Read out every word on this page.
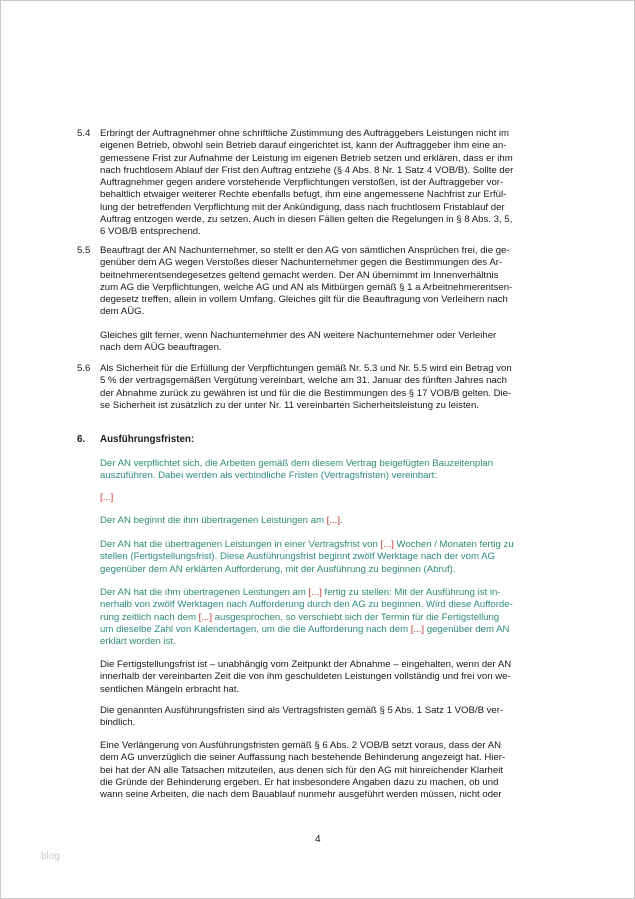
5.4 Erbringt der Auftragnehmer ohne schriftliche Zustimmung des Auftraggebers Leistungen nicht im
eigenen Betrieb, obwohl sein Betrieb darauf eingerichtet ist, kann der Auftraggeber ihm eine an-
gemessene Frist zur Aufnahme der Leistung im eigenen Betrieb setzen und erklären, dass er ihm
nach fruchtlosem Ablauf der Frist den Auftrag entziehe (§ 4 Abs. 8 Nr. 1 Satz 4 VOB/B). Sollte der
Auftragnehmer gegen andere vorstehende Verpflichtungen verstoßen, ist der Auftraggeber vor-
behaltlich etwaiger weiterer Rechte ebenfalls befugt, ihm eine angemessene Nachfrist zur Erfül-
lung der betreffenden Verpflichtung mit der Ankündigung, dass nach fruchtlosem Fristablauf der
Auftrag entzogen werde, zu setzen. Auch in diesen Fällen gelten die Regelungen in § 8 Abs. 3, 5,
6 VOB/B entsprechend.
5.5 Beauftragt der AN Nachunternehmer, so stellt er den AG von sämtlichen Ansprüchen frei, die ge-
genüber dem AG wegen Verstoßes dieser Nachunternehmer gegen die Bestimmungen des Ar-
beitnehmerentsendegesetzes geltend gemacht werden. Der AN übernimmt im Innenverhältnis
zum AG die Verpflichtungen, welche AG und AN als Mitbürgen gemäß § 1 a Arbeitnehmerentsen-
degesetz treffen, allein in vollem Umfang. Gleiches gilt für die Beauftragung von Verleihern nach
dem AÜG.
Gleiches gilt ferner, wenn Nachunternehmer des AN weitere Nachunternehmer oder Verleiher
nach dem AÜG beauftragen.
5.6 Als Sicherheit für die Erfüllung der Verpflichtungen gemäß Nr. 5.3 und Nr. 5.5 wird ein Betrag von
5 % der vertragsgemäßen Vergütung vereinbart, welche am 31. Januar des fünften Jahres nach
der Abnahme zurück zu gewähren ist und für die die Bestimmungen des § 17 VOB/B gelten. Die-
se Sicherheit ist zusätzlich zu der unter Nr. 11 vereinbarten Sicherheitsleistung zu leisten.
6. Ausführungsfristen:
Der AN verpflichtet sich, die Arbeiten gemäß dem diesem Vertrag beigefügten Bauzeitenplan
auszuführen. Dabei werden als verbindliche Fristen (Vertragsfristen) vereinbart:
[...]
Der AN beginnt die ihm übertragenen Leistungen am [...].
Der AN hat die übertragenen Leistungen in einer Vertragsfrist von [...] Wochen / Monaten fertig zu
stellen (Fertigstellungsfrist). Diese Ausführungsfrist beginnt zwölf Werktage nach der vom AG
gegenüber dem AN erklärten Aufforderung, mit der Ausführung zu beginnen (Abruf).
Der AN hat die ihm übertragenen Leistungen am [...] fertig zu stellen: Mit der Ausführung ist in-
nerhalb von zwölf Werktagen nach Aufforderung durch den AG zu beginnen. Wird diese Aufforde-
rung zeitlich nach dem [...] ausgesprochen, so verschiebt sich der Termin für die Fertigstellung
um dieselbe Zahl von Kalendertagen, um die die Aufforderung nach dem [...] gegenüber dem AN
erklärt worden ist.
Die Fertigstellungsfrist ist – unabhängig vom Zeitpunkt der Abnahme – eingehalten, wenn der AN
innerhalb der vereinbarten Zeit die von ihm geschuldeten Leistungen vollständig und frei von we-
sentlichen Mängeln erbracht hat.
Die genannten Ausführungsfristen sind als Vertragsfristen gemäß § 5 Abs. 1 Satz 1 VOB/B ver-
bindlich.
Eine Verlängerung von Ausführungsfristen gemäß § 6 Abs. 2 VOB/B setzt voraus, dass der AN
dem AG unverzüglich die seiner Auffassung nach bestehende Behinderung angezeigt hat. Hier-
bei hat der AN alle Tatsachen mitzuteilen, aus denen sich für den AG mit hinreichender Klarheit
die Gründe der Behinderung ergeben. Er hat insbesondere Angaben dazu zu machen, ob und
wann seine Arbeiten, die nach dem Bauablauf nunmehr ausgeführt werden müssen, nicht oder
4
blog
